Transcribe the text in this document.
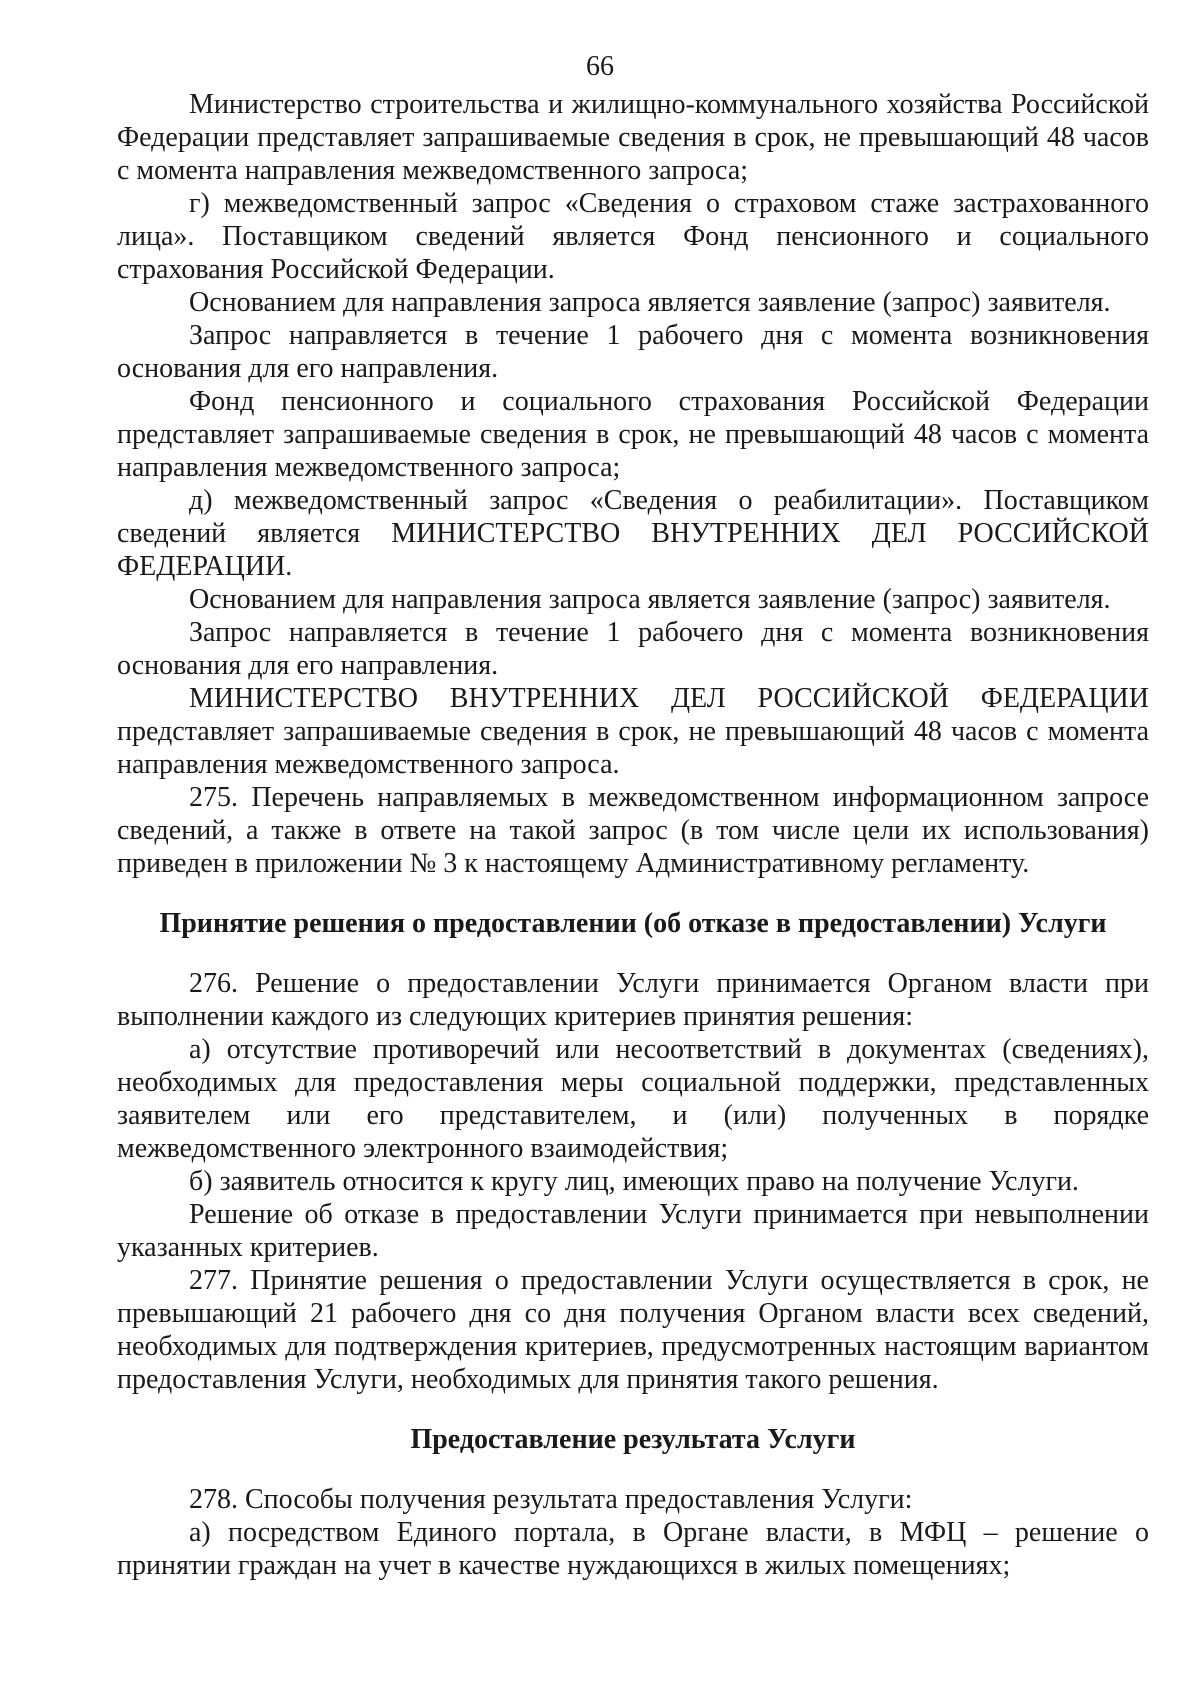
66

Министерство строительства и жилищно-коммунального хозяйства Российской Федерации представляет запрашиваемые сведения в срок, не превышающий 48 часов с момента направления межведомственного запроса;

г) межведомственный запрос «Сведения о страховом стаже застрахованного лица». Поставщиком сведений является Фонд пенсионного и социального страхования Российской Федерации.

Основанием для направления запроса является заявление (запрос) заявителя.

Запрос направляется в течение 1 рабочего дня с момента возникновения основания для его направления.

Фонд пенсионного и социального страхования Российской Федерации представляет запрашиваемые сведения в срок, не превышающий 48 часов с момента направления межведомственного запроса;

д) межведомственный запрос «Сведения о реабилитации». Поставщиком сведений является МИНИСТЕРСТВО ВНУТРЕННИХ ДЕЛ РОССИЙСКОЙ ФЕДЕРАЦИИ.

Основанием для направления запроса является заявление (запрос) заявителя.

Запрос направляется в течение 1 рабочего дня с момента возникновения основания для его направления.

МИНИСТЕРСТВО ВНУТРЕННИХ ДЕЛ РОССИЙСКОЙ ФЕДЕРАЦИИ представляет запрашиваемые сведения в срок, не превышающий 48 часов с момента направления межведомственного запроса.

275. Перечень направляемых в межведомственном информационном запросе сведений, а также в ответе на такой запрос (в том числе цели их использования) приведен в приложении № 3 к настоящему Административному регламенту.

Принятие решения о предоставлении (об отказе в предоставлении) Услуги

276. Решение о предоставлении Услуги принимается Органом власти при выполнении каждого из следующих критериев принятия решения:

а) отсутствие противоречий или несоответствий в документах (сведениях), необходимых для предоставления меры социальной поддержки, представленных заявителем или его представителем, и (или) полученных в порядке межведомственного электронного взаимодействия;

б) заявитель относится к кругу лиц, имеющих право на получение Услуги.

Решение об отказе в предоставлении Услуги принимается при невыполнении указанных критериев.

277. Принятие решения о предоставлении Услуги осуществляется в срок, не превышающий 21 рабочего дня со дня получения Органом власти всех сведений, необходимых для подтверждения критериев, предусмотренных настоящим вариантом предоставления Услуги, необходимых для принятия такого решения.

Предоставление результата Услуги

278. Способы получения результата предоставления Услуги:

а) посредством Единого портала, в Органе власти, в МФЦ – решение о принятии граждан на учет в качестве нуждающихся в жилых помещениях;
